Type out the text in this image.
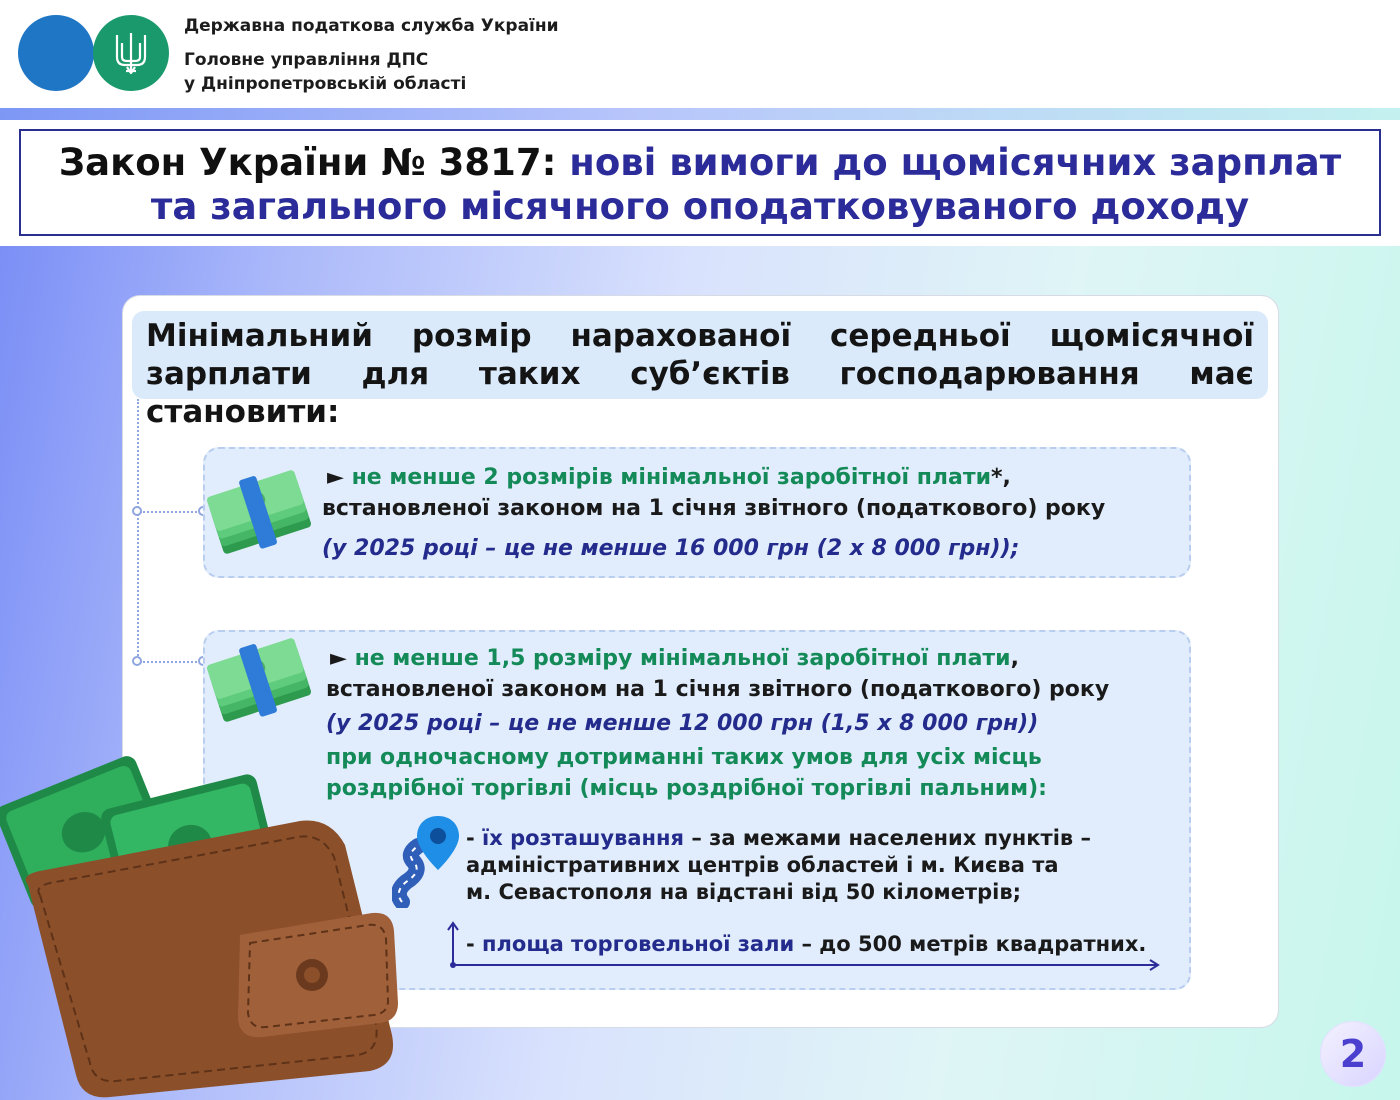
Державна податкова служба України
Головне управління ДПС
у Дніпропетровській області
Закон України № 3817: нові вимоги до щомісячних зарплат
та загального місячного оподатковуваного доходу

Мінімальний розмір нарахованої середньої щомісячної

зарплати для таких суб’єктів господарювання має становити:

► не менше 2 розмірів мінімальної заробітної плати*,
встановленої законом на 1 січня звітного (податкового) року
(у 2025 році – це не менше 16 000 грн (2 х 8 000 грн));
► не менше 1,5 розміру мінімальної заробітної плати,
встановленої законом на 1 січня звітного (податкового) року
(у 2025 році – це не менше 12 000 грн (1,5 х 8 000 грн))
при одночасному дотриманні таких умов для усіх місць
роздрібної торгівлі (місць роздрібної торгівлі пальним):
- їх розташування – за межами населених пунктів –
адміністративних центрів областей і м. Києва та
м. Севастополя на відстані від 50 кілометрів;
- площа торговельної зали – до 500 метрів квадратних.
2
